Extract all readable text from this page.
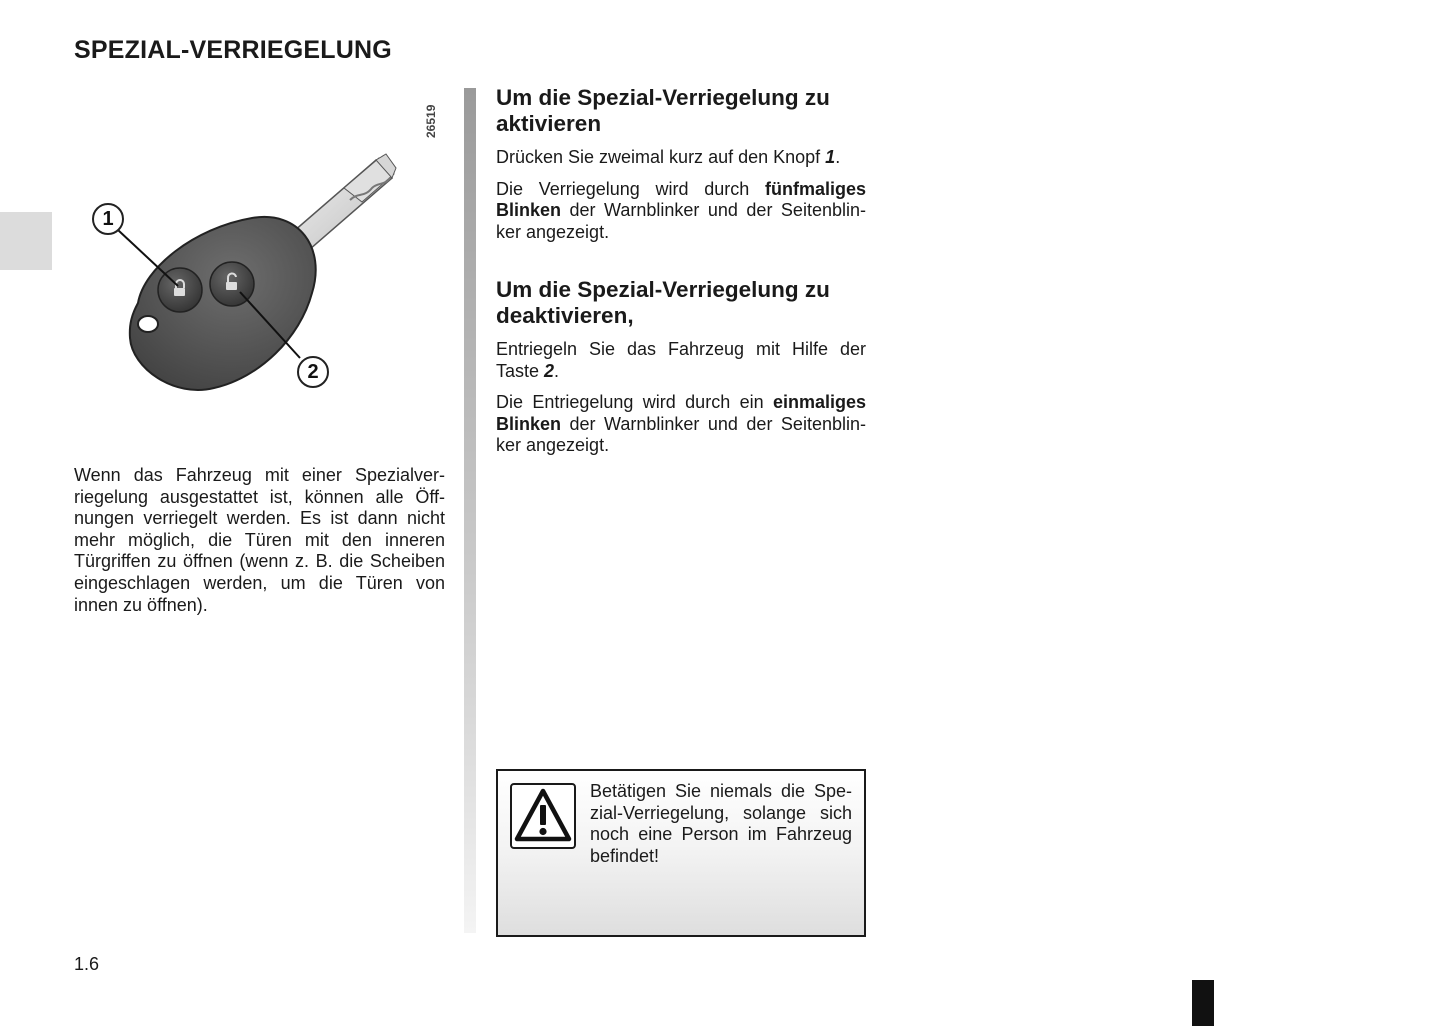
SPEZIAL-VERRIEGELUNG
1
2
26519

Wenn das Fahrzeug mit einer Spezialverriegelung ausgestattet ist, können alle Öffnungen verriegelt werden. Es ist dann nicht mehr möglich, die Türen mit den inneren Türgriffen zu öffnen (wenn z. B. die Scheiben eingeschlagen werden, um die Türen von innen zu öffnen).

Um die Spezial-Verriegelung zu aktivieren

Drücken Sie zweimal kurz auf den Knopf 1.

Die Verriegelung wird durch fünfmaliges Blinken der Warnblinker und der Seitenblinker angezeigt.

Um die Spezial-Verriegelung zu deaktivieren,

Entriegeln Sie das Fahrzeug mit Hilfe der Taste 2.

Die Entriegelung wird durch ein einmaliges Blinken der Warnblinker und der Seitenblinker angezeigt.

Betätigen Sie niemals die Spezial-Verriegelung, solange sich noch eine Person im Fahrzeug befindet!

1.6
